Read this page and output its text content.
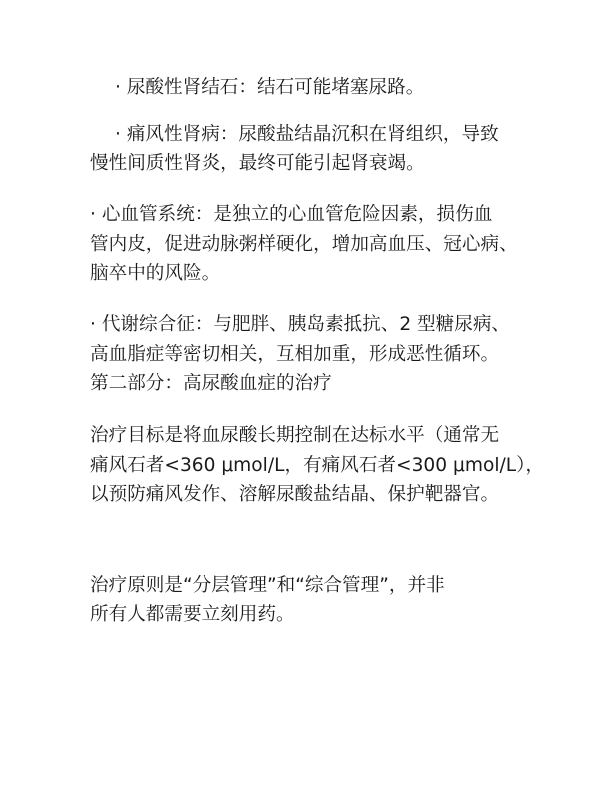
· 尿酸性肾结石：结石可能堵塞尿路。
· 痛风性肾病：尿酸盐结晶沉积在肾组织，导致
慢性间质性肾炎，最终可能引起肾衰竭。
· 心血管系统：是独立的心血管危险因素，损伤血
管内皮，促进动脉粥样硬化，增加高血压、冠心病、
脑卒中的风险。
· 代谢综合征：与肥胖、胰岛素抵抗、2 型糖尿病、
高血脂症等密切相关，互相加重，形成恶性循环。
第二部分：高尿酸血症的治疗
治疗目标是将血尿酸长期控制在达标水平（通常无
痛风石者<360 μmol/L，有痛风石者<300 μmol/L），
以预防痛风发作、溶解尿酸盐结晶、保护靶器官。
治疗原则是“分层管理”和“综合管理”，并非
所有人都需要立刻用药。
